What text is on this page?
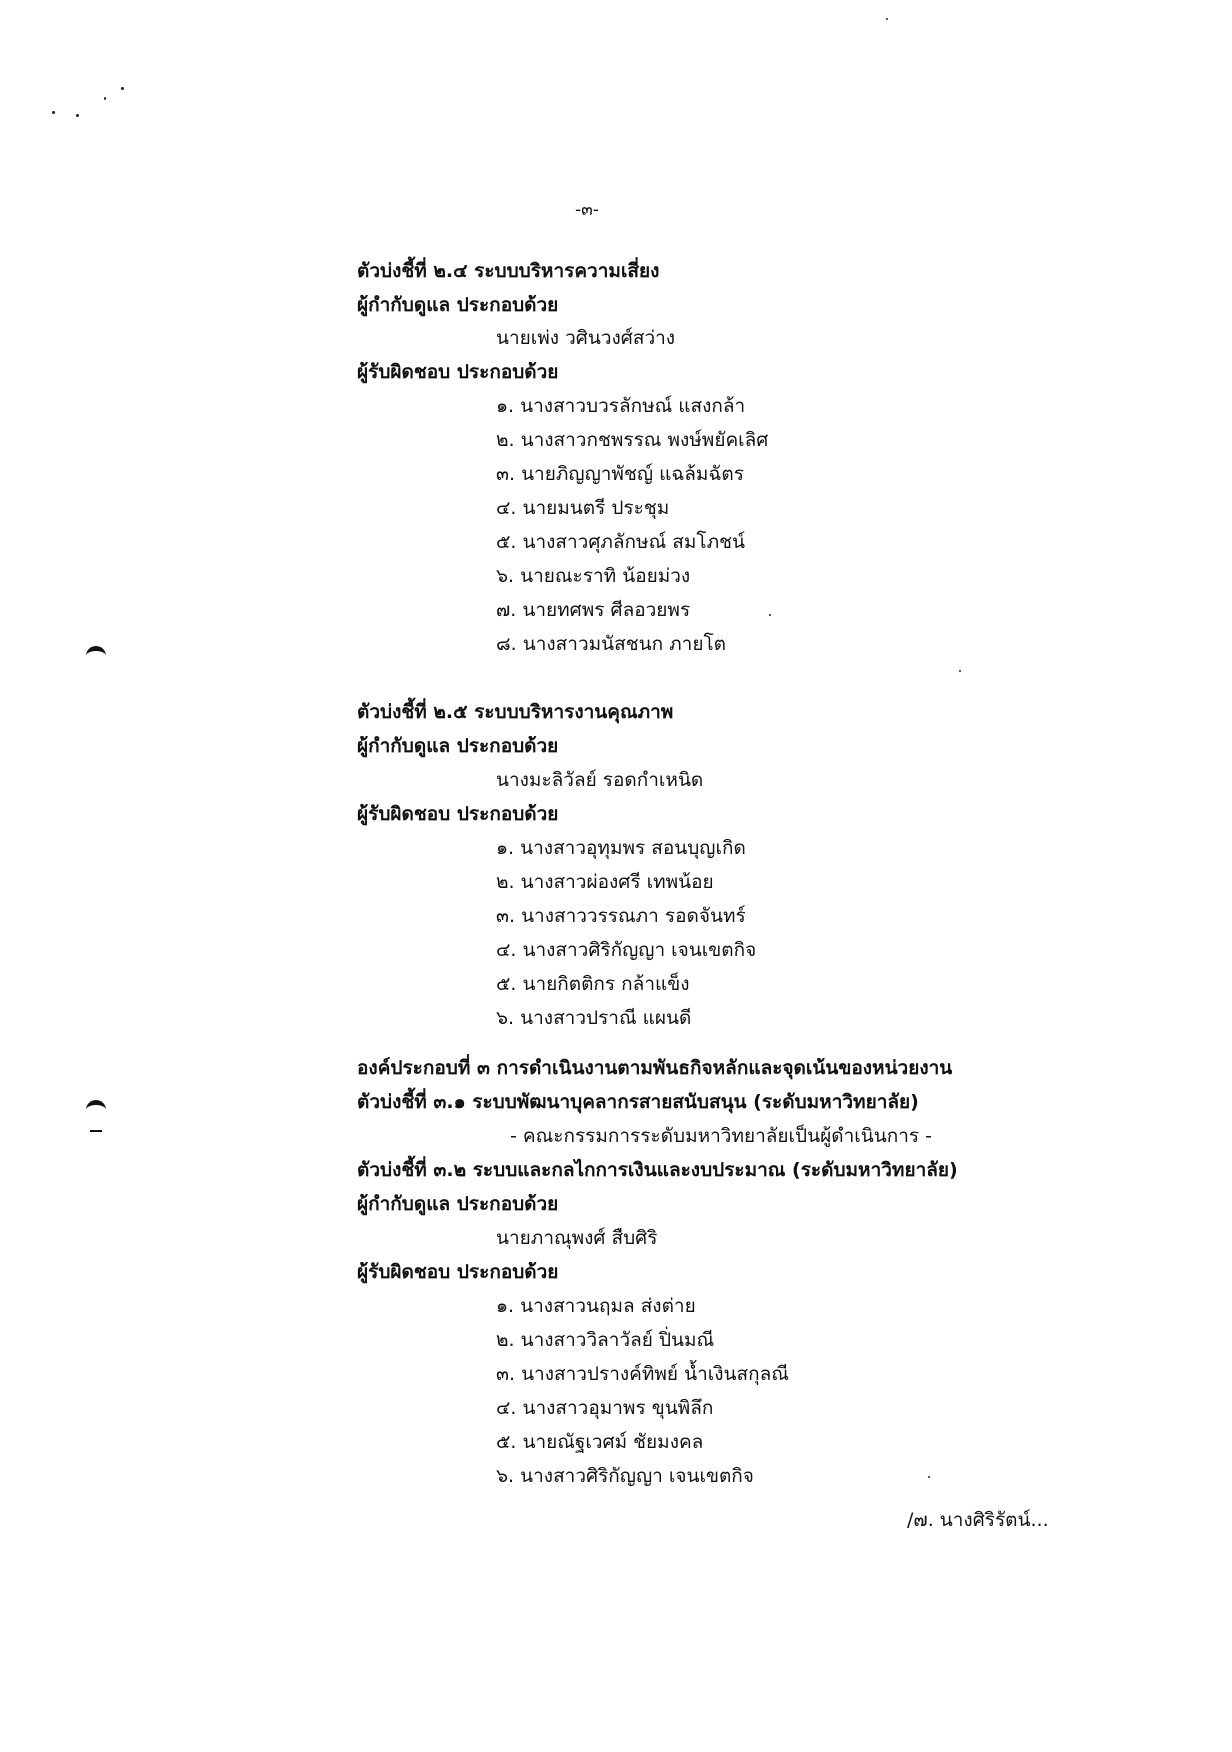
-๓-
ตัวบ่งชี้ที่ ๒.๔ ระบบบริหารความเสี่ยง
ผู้กำกับดูแล ประกอบด้วย
นายเพ่ง วศินวงศ์สว่าง
ผู้รับผิดชอบ ประกอบด้วย
๑. นางสาวบวรลักษณ์ แสงกล้า
๒. นางสาวกชพรรณ พงษ์พยัคเลิศ
๓. นายภิญญาพัชญ์ แฉล้มฉัตร
๔. นายมนตรี ประชุม
๕. นางสาวศุภลักษณ์ สมโภชน์
๖. นายณะราทิ น้อยม่วง
๗. นายทศพร ศีลอวยพร
๘. นางสาวมนัสชนก ภายโต
ตัวบ่งชี้ที่ ๒.๕ ระบบบริหารงานคุณภาพ
ผู้กำกับดูแล ประกอบด้วย
นางมะลิวัลย์ รอดกำเหนิด
ผู้รับผิดชอบ ประกอบด้วย
๑. นางสาวอุทุมพร สอนบุญเกิด
๒. นางสาวผ่องศรี เทพน้อย
๓. นางสาววรรณภา รอดจันทร์
๔. นางสาวศิริกัญญา เจนเขตกิจ
๕. นายกิตติกร กล้าแข็ง
๖. นางสาวปราณี แผนดี
องค์ประกอบที่ ๓ การดำเนินงานตามพันธกิจหลักและจุดเน้นของหน่วยงาน
ตัวบ่งชี้ที่ ๓.๑ ระบบพัฒนาบุคลากรสายสนับสนุน (ระดับมหาวิทยาลัย)
- คณะกรรมการระดับมหาวิทยาลัยเป็นผู้ดำเนินการ -
ตัวบ่งชี้ที่ ๓.๒ ระบบและกลไกการเงินและงบประมาณ (ระดับมหาวิทยาลัย)
ผู้กำกับดูแล ประกอบด้วย
นายภาณุพงศ์ สืบศิริ
ผู้รับผิดชอบ ประกอบด้วย
๑. นางสาวนฤมล ส่งต่าย
๒. นางสาววิลาวัลย์ ปิ่นมณี
๓. นางสาวปรางค์ทิพย์ น้ำเงินสกุลณี
๔. นางสาวอุมาพร ขุนพิลึก
๕. นายณัฐเวศม์ ชัยมงคล
๖. นางสาวศิริกัญญา เจนเขตกิจ
/๗. นางศิริรัตน์...
